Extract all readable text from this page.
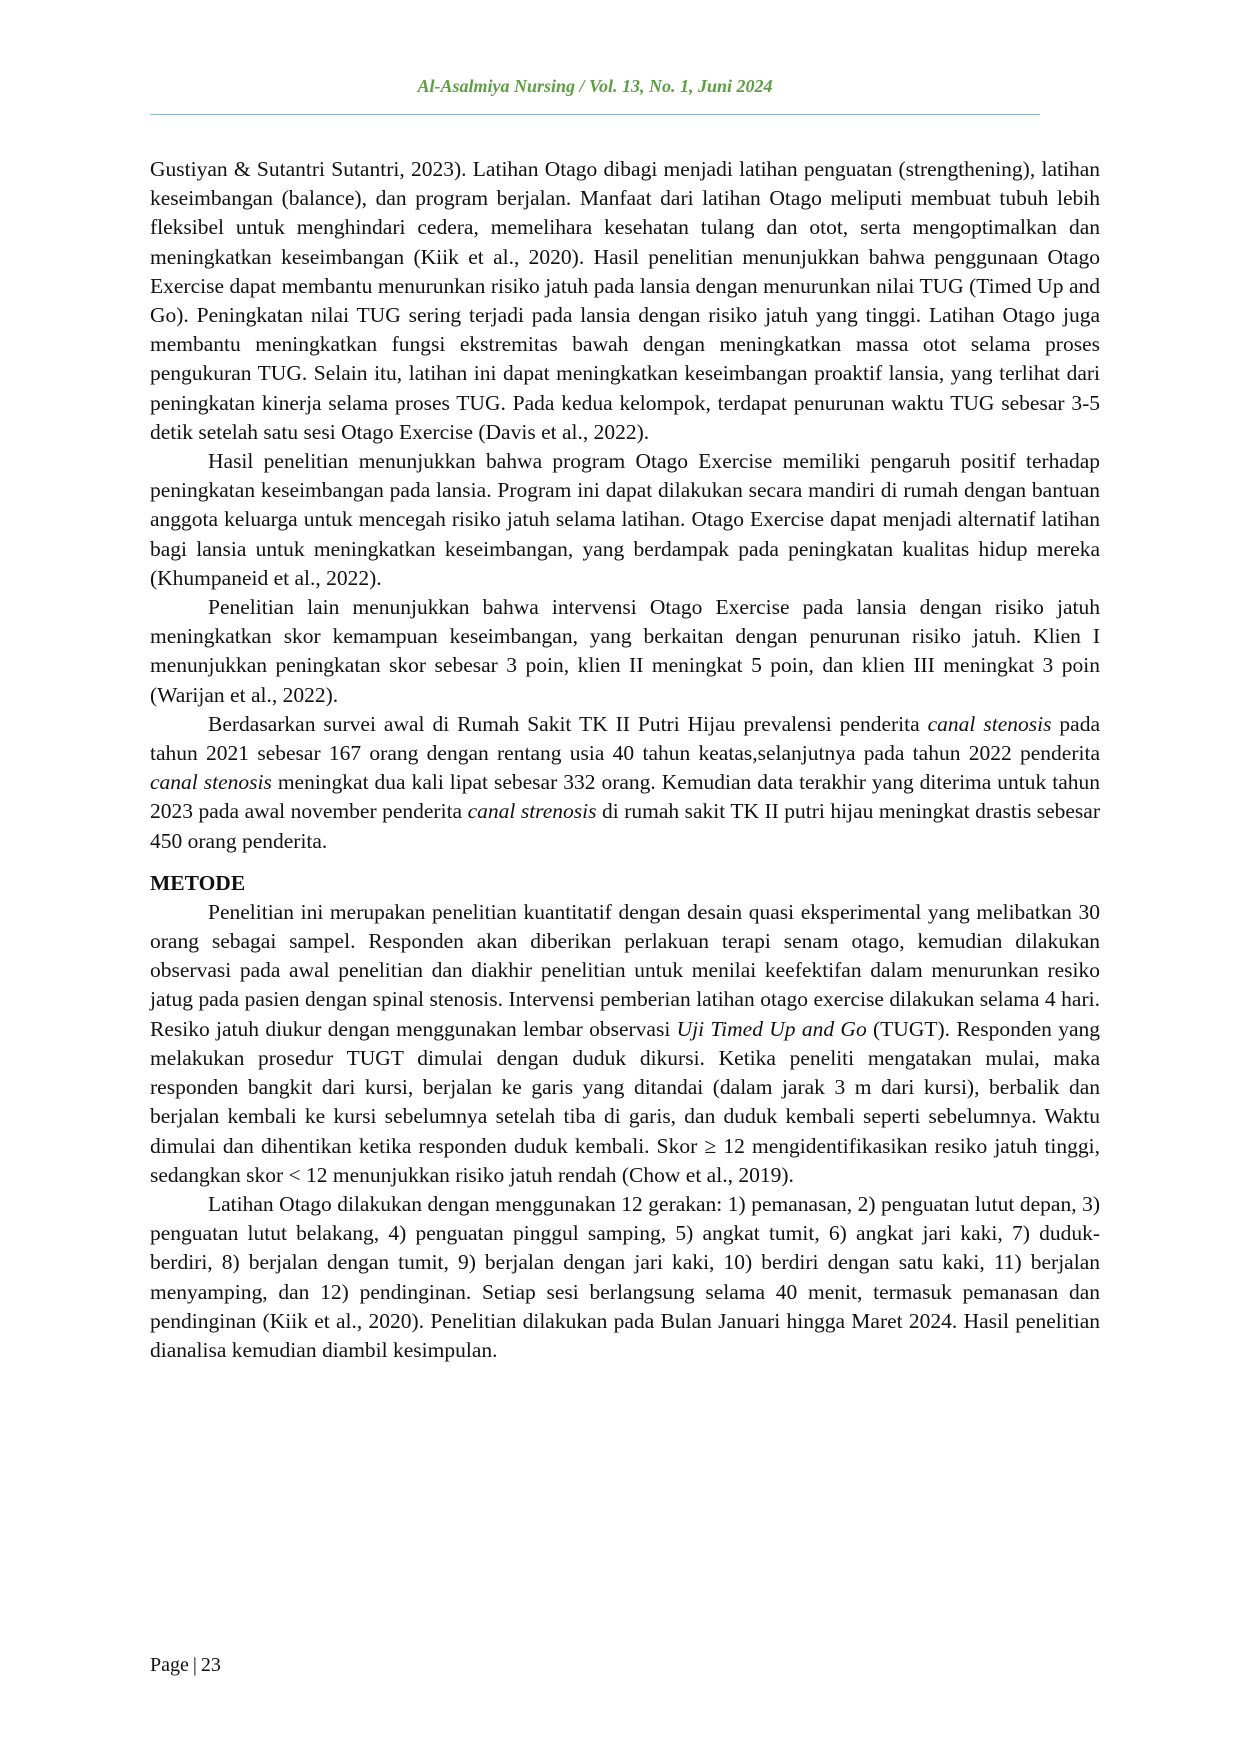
Al-Asalmiya Nursing / Vol. 13, No. 1, Juni 2024

Gustiyan & Sutantri Sutantri, 2023). Latihan Otago dibagi menjadi latihan penguatan (strengthening), latihan keseimbangan (balance), dan program berjalan. Manfaat dari latihan Otago meliputi membuat tubuh lebih fleksibel untuk menghindari cedera, memelihara kesehatan tulang dan otot, serta mengoptimalkan dan meningkatkan keseimbangan (Kiik et al., 2020). Hasil penelitian menunjukkan bahwa penggunaan Otago Exercise dapat membantu menurunkan risiko jatuh pada lansia dengan menurunkan nilai TUG (Timed Up and Go). Peningkatan nilai TUG sering terjadi pada lansia dengan risiko jatuh yang tinggi. Latihan Otago juga membantu meningkatkan fungsi ekstremitas bawah dengan meningkatkan massa otot selama proses pengukuran TUG. Selain itu, latihan ini dapat meningkatkan keseimbangan proaktif lansia, yang terlihat dari peningkatan kinerja selama proses TUG. Pada kedua kelompok, terdapat penurunan waktu TUG sebesar 3-5 detik setelah satu sesi Otago Exercise (Davis et al., 2022).

Hasil penelitian menunjukkan bahwa program Otago Exercise memiliki pengaruh positif terhadap peningkatan keseimbangan pada lansia. Program ini dapat dilakukan secara mandiri di rumah dengan bantuan anggota keluarga untuk mencegah risiko jatuh selama latihan. Otago Exercise dapat menjadi alternatif latihan bagi lansia untuk meningkatkan keseimbangan, yang berdampak pada peningkatan kualitas hidup mereka (Khumpaneid et al., 2022).

Penelitian lain menunjukkan bahwa intervensi Otago Exercise pada lansia dengan risiko jatuh meningkatkan skor kemampuan keseimbangan, yang berkaitan dengan penurunan risiko jatuh. Klien I menunjukkan peningkatan skor sebesar 3 poin, klien II meningkat 5 poin, dan klien III meningkat 3 poin (Warijan et al., 2022).

Berdasarkan survei awal di Rumah Sakit TK II Putri Hijau prevalensi penderita canal stenosis pada tahun 2021 sebesar 167 orang dengan rentang usia 40 tahun keatas,selanjutnya pada tahun 2022 penderita canal stenosis meningkat dua kali lipat sebesar 332 orang. Kemudian data terakhir yang diterima untuk tahun 2023 pada awal november penderita canal strenosis di rumah sakit TK II putri hijau meningkat drastis sebesar 450 orang penderita.

METODE

Penelitian ini merupakan penelitian kuantitatif dengan desain quasi eksperimental yang melibatkan 30 orang sebagai sampel. Responden akan diberikan perlakuan terapi senam otago, kemudian dilakukan observasi pada awal penelitian dan diakhir penelitian untuk menilai keefektifan dalam menurunkan resiko jatug pada pasien dengan spinal stenosis. Intervensi pemberian latihan otago exercise dilakukan selama 4 hari. Resiko jatuh diukur dengan menggunakan lembar observasi Uji Timed Up and Go (TUGT). Responden yang melakukan prosedur TUGT dimulai dengan duduk dikursi. Ketika peneliti mengatakan mulai, maka responden bangkit dari kursi, berjalan ke garis yang ditandai (dalam jarak 3 m dari kursi), berbalik dan berjalan kembali ke kursi sebelumnya setelah tiba di garis, dan duduk kembali seperti sebelumnya. Waktu dimulai dan dihentikan ketika responden duduk kembali. Skor ≥ 12 mengidentifikasikan resiko jatuh tinggi, sedangkan skor < 12 menunjukkan risiko jatuh rendah (Chow et al., 2019).

Latihan Otago dilakukan dengan menggunakan 12 gerakan: 1) pemanasan, 2) penguatan lutut depan, 3) penguatan lutut belakang, 4) penguatan pinggul samping, 5) angkat tumit, 6) angkat jari kaki, 7) duduk-berdiri, 8) berjalan dengan tumit, 9) berjalan dengan jari kaki, 10) berdiri dengan satu kaki, 11) berjalan menyamping, dan 12) pendinginan. Setiap sesi berlangsung selama 40 menit, termasuk pemanasan dan pendinginan (Kiik et al., 2020). Penelitian dilakukan pada Bulan Januari hingga Maret 2024. Hasil penelitian dianalisa kemudian diambil kesimpulan.

Page | 23
